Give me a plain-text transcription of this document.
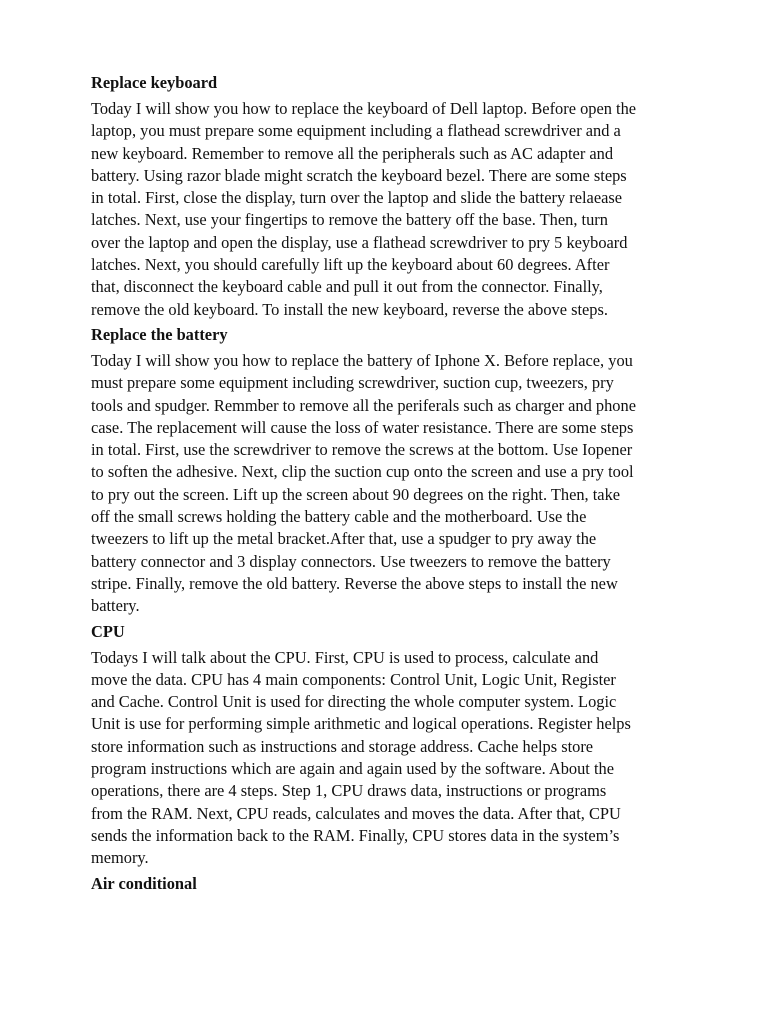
Replace keyboard
Today I will show you how to replace the keyboard of Dell laptop. Before open the
laptop, you must prepare some equipment including a flathead screwdriver and a
new keyboard. Remember to remove all the peripherals such as AC adapter and
battery. Using razor blade might scratch the keyboard bezel. There are some steps
in total. First, close the display, turn over the laptop and slide the battery relaease
latches. Next, use your fingertips to remove the battery off the base. Then, turn
over the laptop and open the display, use a flathead screwdriver to pry 5 keyboard
latches. Next, you should carefully lift up the keyboard about 60 degrees. After
that, disconnect the keyboard cable and pull it out from the connector. Finally,
remove the old keyboard. To install the new keyboard, reverse the above steps.
Replace the battery
Today I will show you how to replace the battery of Iphone X. Before replace, you
must prepare some equipment including screwdriver, suction cup, tweezers, pry
tools and spudger. Remmber to remove all the periferals such as charger and phone
case. The replacement will cause the loss of water resistance. There are some steps
in total. First, use the screwdriver to remove the screws at the bottom. Use Iopener
to soften the adhesive. Next, clip the suction cup onto the screen and use a pry tool
to pry out the screen. Lift up the screen about 90 degrees on the right. Then, take
off the small screws holding the battery cable and the motherboard. Use the
tweezers to lift up the metal bracket.After that, use a spudger to pry away the
battery connector and 3 display connectors. Use tweezers to remove the battery
stripe. Finally, remove the old battery. Reverse the above steps to install the new
battery.
CPU
Todays I will talk about the CPU. First, CPU is used to process, calculate and
move the data. CPU has 4 main components: Control Unit, Logic Unit, Register
and Cache. Control Unit is used for directing the whole computer system. Logic
Unit is use for performing simple arithmetic and logical operations. Register helps
store information such as instructions and storage address. Cache helps store
program instructions which are again and again used by the software. About the
operations, there are 4 steps. Step 1, CPU draws data, instructions or programs
from the RAM. Next, CPU reads, calculates and moves the data. After that, CPU
sends the information back to the RAM. Finally, CPU stores data in the system’s
memory.
Air conditional
